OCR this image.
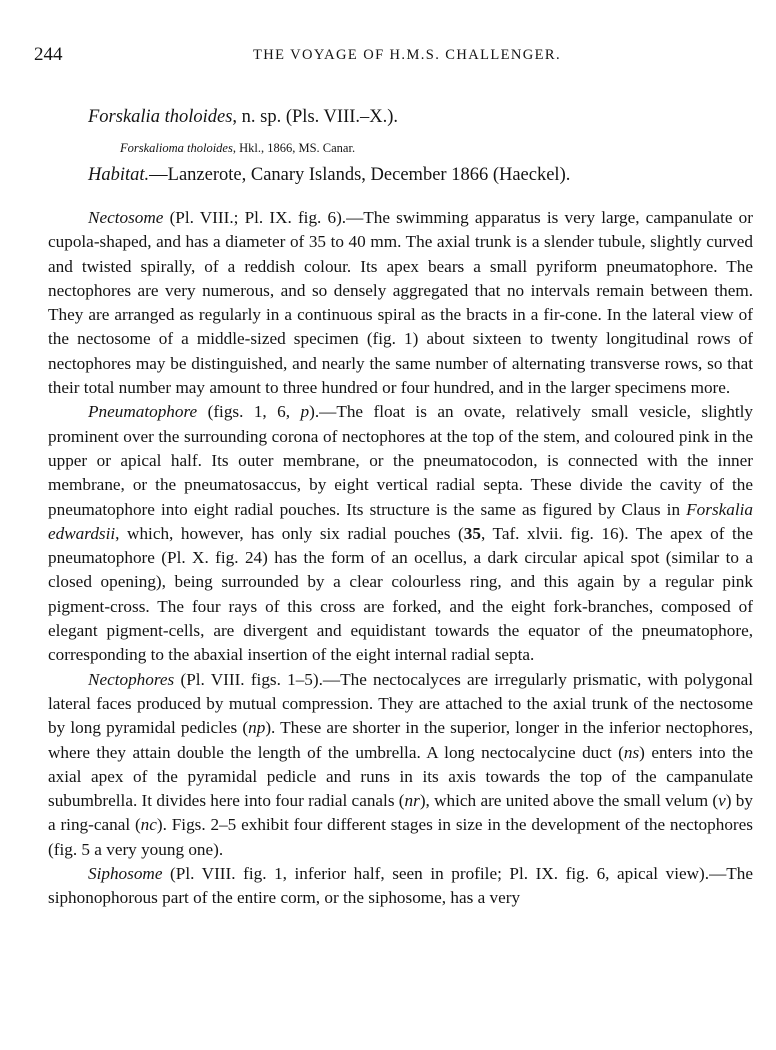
244	THE VOYAGE OF H.M.S. CHALLENGER.
Forskalia tholoides, n. sp. (Pls. VIII.–X.).
Forskalioma tholoides, Hkl., 1866, MS. Canar.
Habitat.—Lanzerote, Canary Islands, December 1866 (Haeckel).

Nectosome (Pl. VIII.; Pl. IX. fig. 6).—The swimming apparatus is very large, campanulate or cupola-shaped, and has a diameter of 35 to 40 mm. The axial trunk is a slender tubule, slightly curved and twisted spirally, of a reddish colour. Its apex bears a small pyriform pneumatophore. The nectophores are very numerous, and so densely aggregated that no intervals remain between them. They are arranged as regularly in a continuous spiral as the bracts in a fir-cone. In the lateral view of the nectosome of a middle-sized specimen (fig. 1) about sixteen to twenty longitudinal rows of nectophores may be distinguished, and nearly the same number of alternating transverse rows, so that their total number may amount to three hundred or four hundred, and in the larger specimens more.

Pneumatophore (figs. 1, 6, p).—The float is an ovate, relatively small vesicle, slightly prominent over the surrounding corona of nectophores at the top of the stem, and coloured pink in the upper or apical half. Its outer membrane, or the pneumatocodon, is connected with the inner membrane, or the pneumatosaccus, by eight vertical radial septa. These divide the cavity of the pneumatophore into eight radial pouches. Its structure is the same as figured by Claus in Forskalia edwardsii, which, however, has only six radial pouches (35, Taf. xlvii. fig. 16). The apex of the pneumatophore (Pl. X. fig. 24) has the form of an ocellus, a dark circular apical spot (similar to a closed opening), being surrounded by a clear colourless ring, and this again by a regular pink pigment-cross. The four rays of this cross are forked, and the eight fork-branches, composed of elegant pigment-cells, are divergent and equidistant towards the equator of the pneumatophore, corresponding to the abaxial insertion of the eight internal radial septa.

Nectophores (Pl. VIII. figs. 1–5).—The nectocalyces are irregularly prismatic, with polygonal lateral faces produced by mutual compression. They are attached to the axial trunk of the nectosome by long pyramidal pedicles (np). These are shorter in the superior, longer in the inferior nectophores, where they attain double the length of the umbrella. A long nectocalycine duct (ns) enters into the axial apex of the pyramidal pedicle and runs in its axis towards the top of the campanulate subumbrella. It divides here into four radial canals (nr), which are united above the small velum (v) by a ring-canal (nc). Figs. 2–5 exhibit four different stages in size in the development of the nectophores (fig. 5 a very young one).

Siphosome (Pl. VIII. fig. 1, inferior half, seen in profile; Pl. IX. fig. 6, apical view).—The siphonophorous part of the entire corm, or the siphosome, has a very
